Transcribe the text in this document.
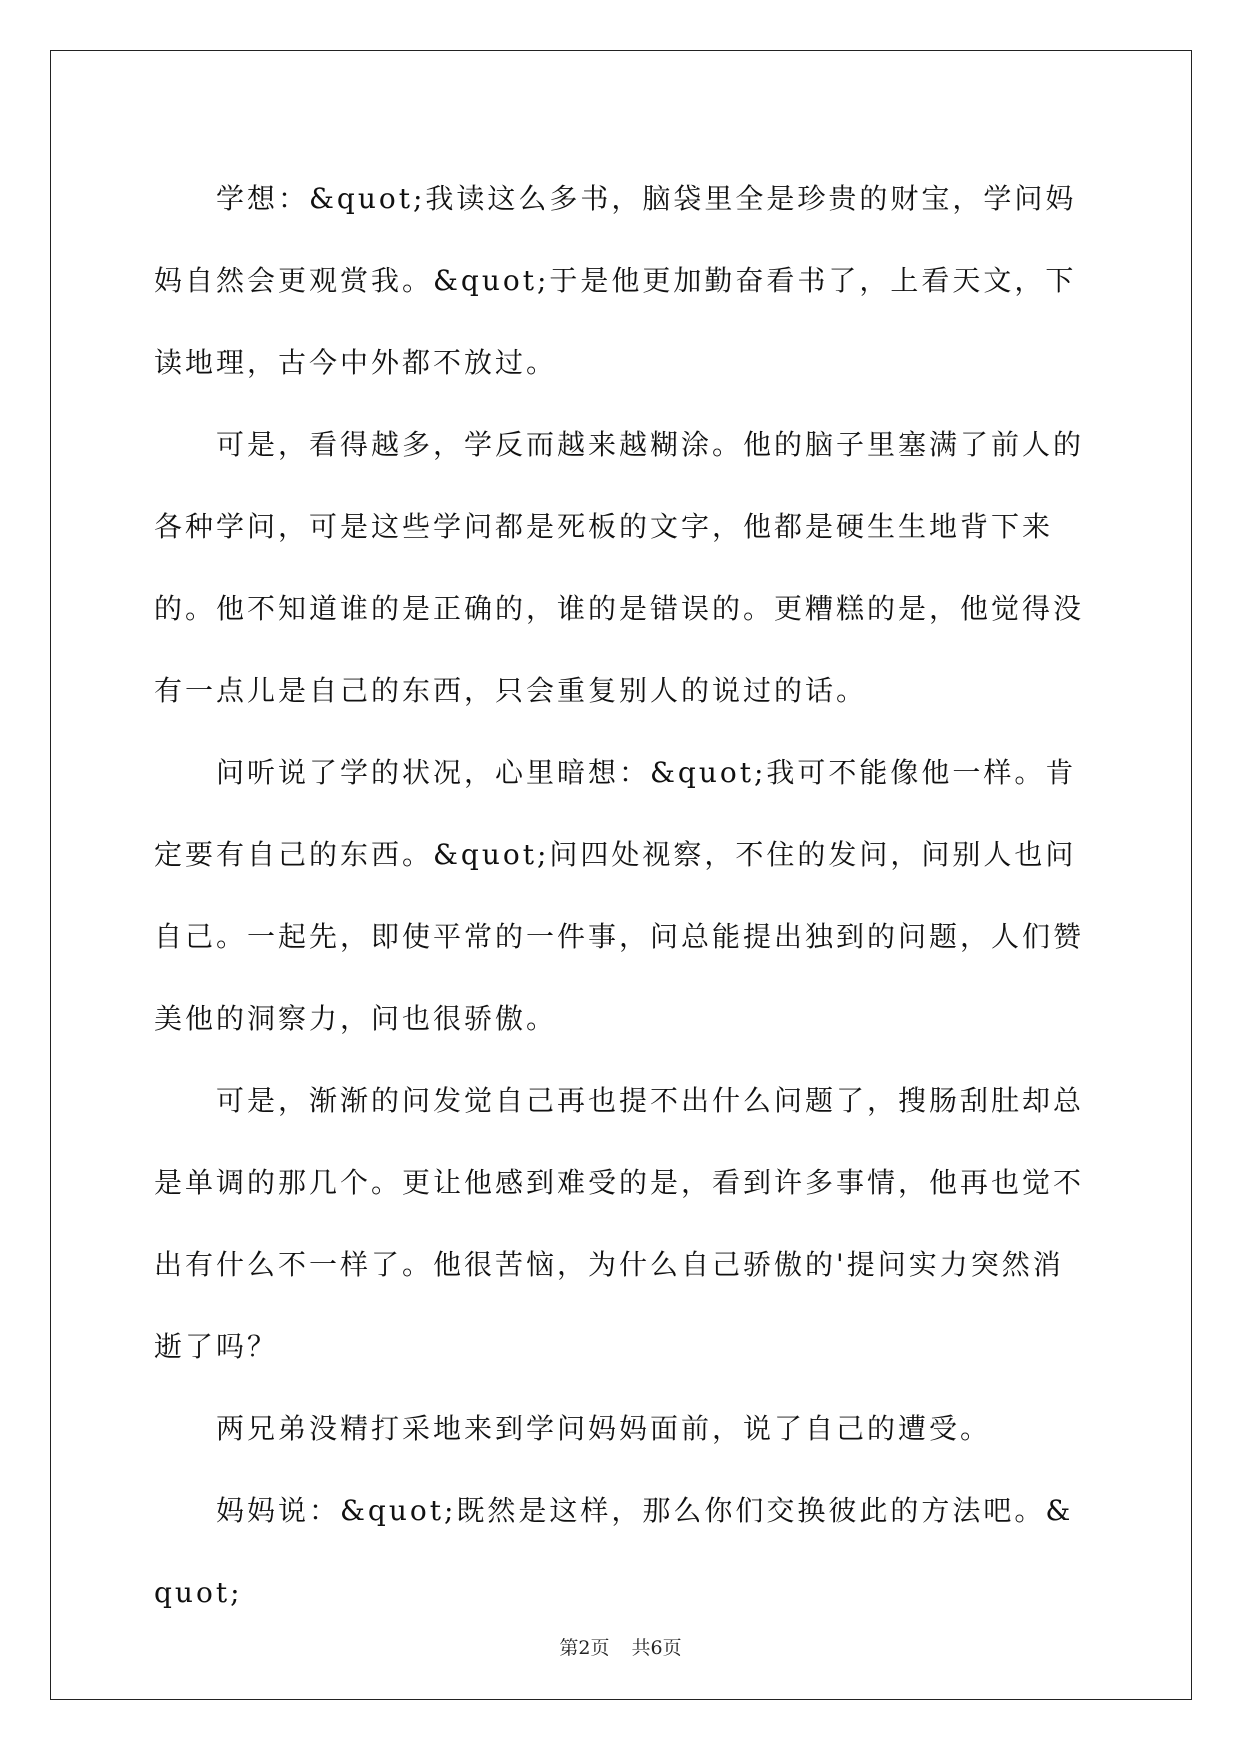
学想：&quot;我读这么多书，脑袋里全是珍贵的财宝，学问妈妈自然会更观赏我。&quot;于是他更加勤奋看书了，上看天文，下读地理，古今中外都不放过。

可是，看得越多，学反而越来越糊涂。他的脑子里塞满了前人的各种学问，可是这些学问都是死板的文字，他都是硬生生地背下来的。他不知道谁的是正确的，谁的是错误的。更糟糕的是，他觉得没有一点儿是自己的东西，只会重复别人的说过的话。

问听说了学的状况，心里暗想：&quot;我可不能像他一样。肯定要有自己的东西。&quot;问四处视察，不住的发问，问别人也问自己。一起先，即使平常的一件事，问总能提出独到的问题，人们赞美他的洞察力，问也很骄傲。

可是，渐渐的问发觉自己再也提不出什么问题了，搜肠刮肚却总是单调的那几个。更让他感到难受的是，看到许多事情，他再也觉不出有什么不一样了。他很苦恼，为什么自己骄傲的'提问实力突然消逝了吗？

两兄弟没精打采地来到学问妈妈面前，说了自己的遭受。

妈妈说：&quot;既然是这样，那么你们交换彼此的方法吧。&quot;

第2页 共6页
